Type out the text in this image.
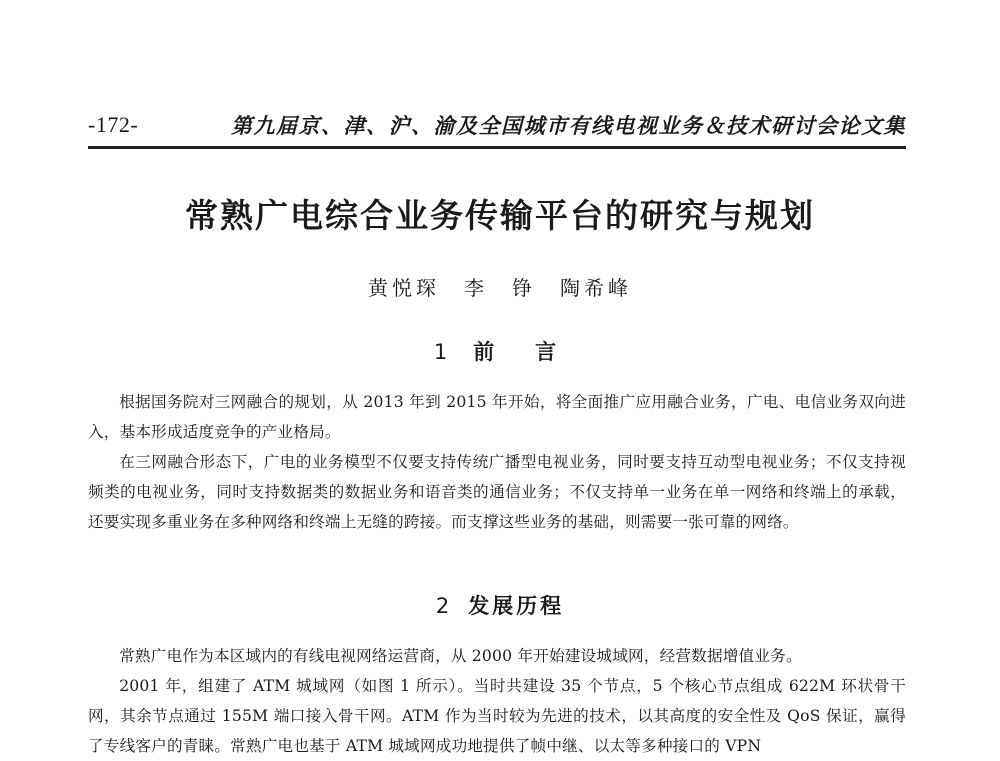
-172-	第九届京、津、沪、渝及全国城市有线电视业务＆技术研讨会论文集
常熟广电综合业务传输平台的研究与规划
黄悦琛　李　铮　陶希峰
1 前　言

根据国务院对三网融合的规划，从 2013 年到 2015 年开始，将全面推广应用融合业务，广电、电信业务双向进入，基本形成适度竞争的产业格局。

在三网融合形态下，广电的业务模型不仅要支持传统广播型电视业务，同时要支持互动型电视业务；不仅支持视频类的电视业务，同时支持数据类的数据业务和语音类的通信业务；不仅支持单一业务在单一网络和终端上的承载，还要实现多重业务在多种网络和终端上无缝的跨接。而支撑这些业务的基础，则需要一张可靠的网络。

2 发展历程

常熟广电作为本区域内的有线电视网络运营商，从 2000 年开始建设城域网，经营数据增值业务。

2001 年，组建了 ATM 城域网（如图 1 所示）。当时共建设 35 个节点，5 个核心节点组成 622M 环状骨干网，其余节点通过 155M 端口接入骨干网。ATM 作为当时较为先进的技术，以其高度的安全性及 QoS 保证，赢得了专线客户的青睐。常熟广电也基于 ATM 城域网成功地提供了帧中继、以太等多种接口的 VPN
